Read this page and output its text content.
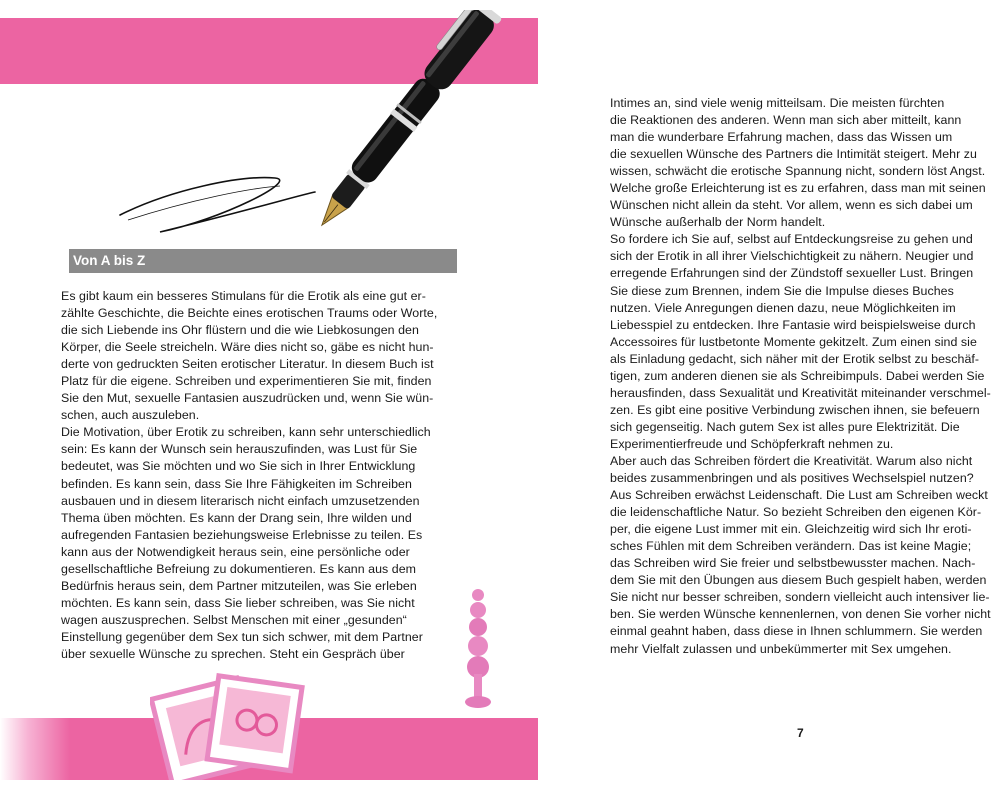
Von A bis Z
Es gibt kaum ein besseres Stimulans für die Erotik als eine gut er-
zählte Geschichte, die Beichte eines erotischen Traums oder Worte,
die sich Liebende ins Ohr flüstern und die wie Liebkosungen den
Körper, die Seele streicheln. Wäre dies nicht so, gäbe es nicht hun-
derte von gedruckten Seiten erotischer Literatur. In diesem Buch ist
Platz für die eigene. Schreiben und experimentieren Sie mit, finden
Sie den Mut, sexuelle Fantasien auszudrücken und, wenn Sie wün-
schen, auch auszuleben.
Die Motivation, über Erotik zu schreiben, kann sehr unterschiedlich
sein: Es kann der Wunsch sein herauszufinden, was Lust für Sie
bedeutet, was Sie möchten und wo Sie sich in Ihrer Entwicklung
befinden. Es kann sein, dass Sie Ihre Fähigkeiten im Schreiben
ausbauen und in diesem literarisch nicht einfach umzusetzenden
Thema üben möchten. Es kann der Drang sein, Ihre wilden und
aufregenden Fantasien beziehungsweise Erlebnisse zu teilen. Es
kann aus der Notwendigkeit heraus sein, eine persönliche oder
gesellschaftliche Befreiung zu dokumentieren. Es kann aus dem
Bedürfnis heraus sein, dem Partner mitzuteilen, was Sie erleben
möchten. Es kann sein, dass Sie lieber schreiben, was Sie nicht
wagen auszusprechen. Selbst Menschen mit einer „gesunden“
Einstellung gegenüber dem Sex tun sich schwer, mit dem Partner
über sexuelle Wünsche zu sprechen. Steht ein Gespräch über
Intimes an, sind viele wenig mitteilsam. Die meisten fürchten
die Reaktionen des anderen. Wenn man sich aber mitteilt, kann
man die wunderbare Erfahrung machen, dass das Wissen um
die sexuellen Wünsche des Partners die Intimität steigert. Mehr zu
wissen, schwächt die erotische Spannung nicht, sondern löst Angst.
Welche große Erleichterung ist es zu erfahren, dass man mit seinen
Wünschen nicht allein da steht. Vor allem, wenn es sich dabei um
Wünsche außerhalb der Norm handelt.
So fordere ich Sie auf, selbst auf Entdeckungsreise zu gehen und
sich der Erotik in all ihrer Vielschichtigkeit zu nähern. Neugier und
erregende Erfahrungen sind der Zündstoff sexueller Lust. Bringen
Sie diese zum Brennen, indem Sie die Impulse dieses Buches
nutzen. Viele Anregungen dienen dazu, neue Möglichkeiten im
Liebesspiel zu entdecken. Ihre Fantasie wird beispielsweise durch
Accessoires für lustbetonte Momente gekitzelt. Zum einen sind sie
als Einladung gedacht, sich näher mit der Erotik selbst zu beschäf-
tigen, zum anderen dienen sie als Schreibimpuls. Dabei werden Sie
herausfinden, dass Sexualität und Kreativität miteinander verschmel-
zen. Es gibt eine positive Verbindung zwischen ihnen, sie befeuern
sich gegenseitig. Nach gutem Sex ist alles pure Elektrizität. Die
Experimentierfreude und Schöpferkraft nehmen zu.
Aber auch das Schreiben fördert die Kreativität. Warum also nicht
beides zusammenbringen und als positives Wechselspiel nutzen?
Aus Schreiben erwächst Leidenschaft. Die Lust am Schreiben weckt
die leidenschaftliche Natur. So bezieht Schreiben den eigenen Kör-
per, die eigene Lust immer mit ein. Gleichzeitig wird sich Ihr eroti-
sches Fühlen mit dem Schreiben verändern. Das ist keine Magie;
das Schreiben wird Sie freier und selbstbewusster machen. Nach-
dem Sie mit den Übungen aus diesem Buch gespielt haben, werden
Sie nicht nur besser schreiben, sondern vielleicht auch intensiver lie-
ben. Sie werden Wünsche kennenlernen, von denen Sie vorher nicht
einmal geahnt haben, dass diese in Ihnen schlummern. Sie werden
mehr Vielfalt zulassen und unbekümmerter mit Sex umgehen.
7
